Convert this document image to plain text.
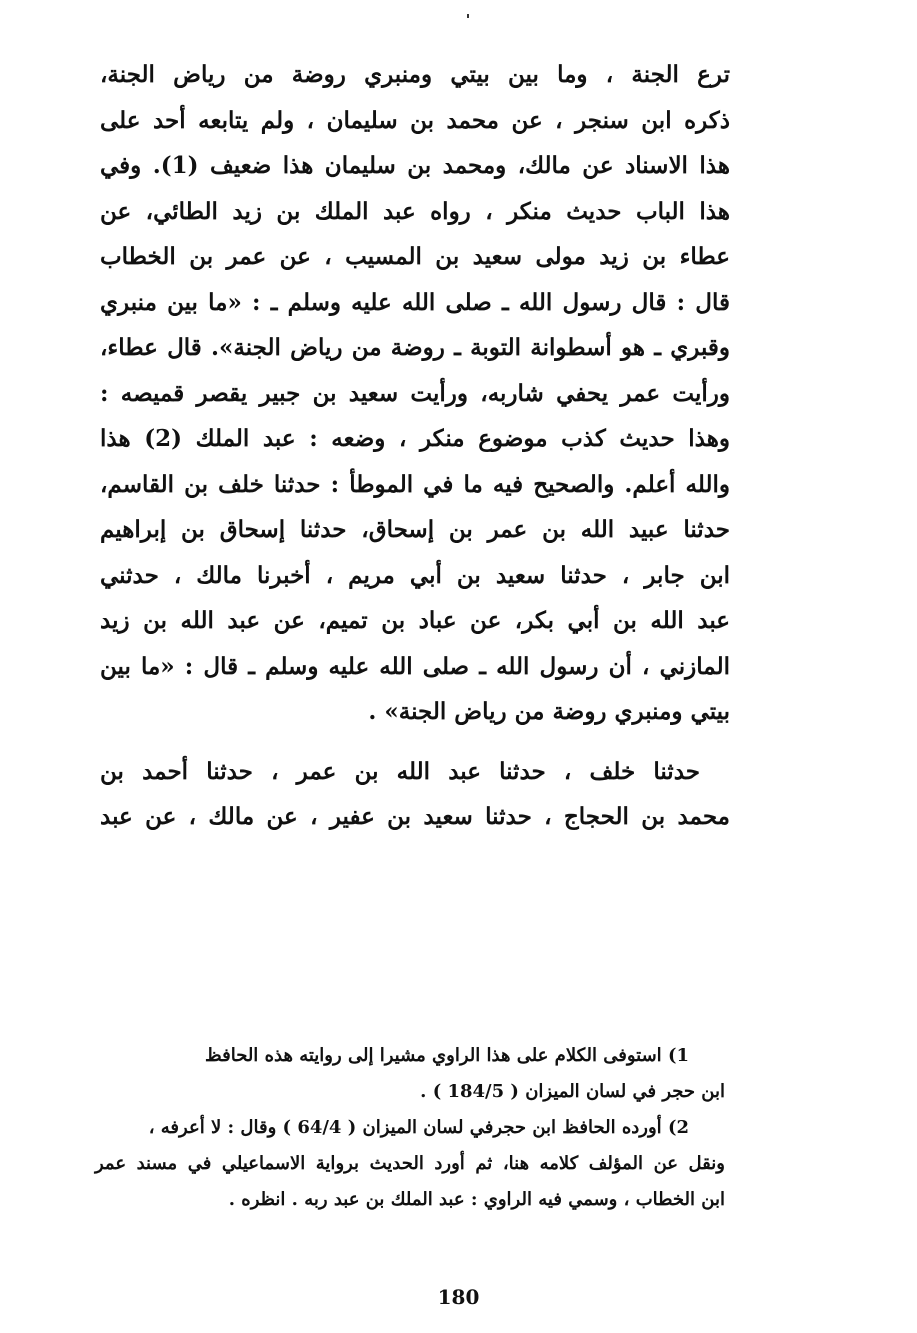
ترع الجنة ، وما بين بيتي ومنبري روضة من رياض الجنة،
ذكره ابن سنجر ، عن محمد بن سليمان ، ولم يتابعه أحد على
هذا الاسناد عن مالك، ومحمد بن سليمان هذا ضعيف (1). وفي
هذا الباب حديث منكر ، رواه عبد الملك بن زيد الطائي، عن
عطاء بن زيد مولى سعيد بن المسيب ، عن عمر بن الخطاب
قال : قال رسول الله ـ صلى الله عليه وسلم ـ : «ما بين منبري
وقبري ـ هو أسطوانة التوبة ـ روضة من رياض الجنة». قال عطاء،
ورأيت عمر يحفي شاربه، ورأيت سعيد بن جبير يقصر قميصه :
وهذا حديث كذب موضوع منكر ، وضعه : عبد الملك (2) هذا
والله أعلم. والصحيح فيه ما في الموطأ : حدثنا خلف بن القاسم،
حدثنا عبيد الله بن عمر بن إسحاق، حدثنا إسحاق بن إبراهيم
ابن جابر ، حدثنا سعيد بن أبي مريم ، أخبرنا مالك ، حدثني
عبد الله بن أبي بكر، عن عباد بن تميم، عن عبد الله بن زيد
المازني ، أن رسول الله ـ صلى الله عليه وسلم ـ قال : «ما بين
بيتي ومنبري روضة من رياض الجنة» .
حدثنا خلف ، حدثنا عبد الله بن عمر ، حدثنا أحمد بن
محمد بن الحجاج ، حدثنا سعيد بن عفير ، عن مالك ، عن عبد
1) استوفى الكلام على هذا الراوي مشيرا إلى روايته هذه الحافظ
ابن حجر في لسان الميزان ( 184/5 ) .
2) أورده الحافظ ابن حجرفي لسان الميزان ( 64/4 ) وقال : لا أعرفه ،
ونقل عن المؤلف كلامه هنا، ثم أورد الحديث برواية الاسماعيلي في مسند عمر
ابن الخطاب ، وسمي فيه الراوي : عبد الملك بن عبد ربه . انظره .
180
